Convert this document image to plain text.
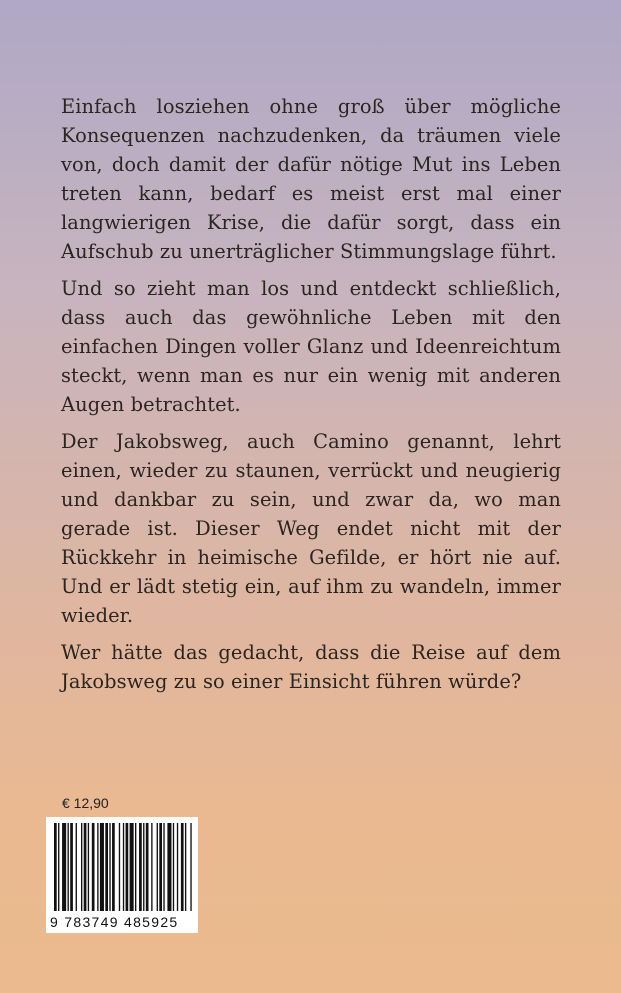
Einfach losziehen ohne groß über mögliche Konsequenzen nachzudenken, da träumen viele von, doch damit der dafür nötige Mut ins Leben treten kann, bedarf es meist erst mal einer langwierigen Krise, die dafür sorgt, dass ein Aufschub zu unerträglicher Stimmungslage führt.

Und so zieht man los und entdeckt schließlich, dass auch das gewöhnliche Leben mit den einfachen Dingen voller Glanz und Ideenreichtum steckt, wenn man es nur ein wenig mit anderen Augen betrachtet.

Der Jakobsweg, auch Camino genannt, lehrt einen, wieder zu staunen, verrückt und neugierig und dankbar zu sein, und zwar da, wo man gerade ist. Dieser Weg endet nicht mit der Rückkehr in heimische Gefilde, er hört nie auf. Und er lädt stetig ein, auf ihm zu wandeln, immer wieder.

Wer hätte das gedacht, dass die Reise auf dem Jakobsweg zu so einer Einsicht führen würde?

€ 12,90
9 783749 485925
